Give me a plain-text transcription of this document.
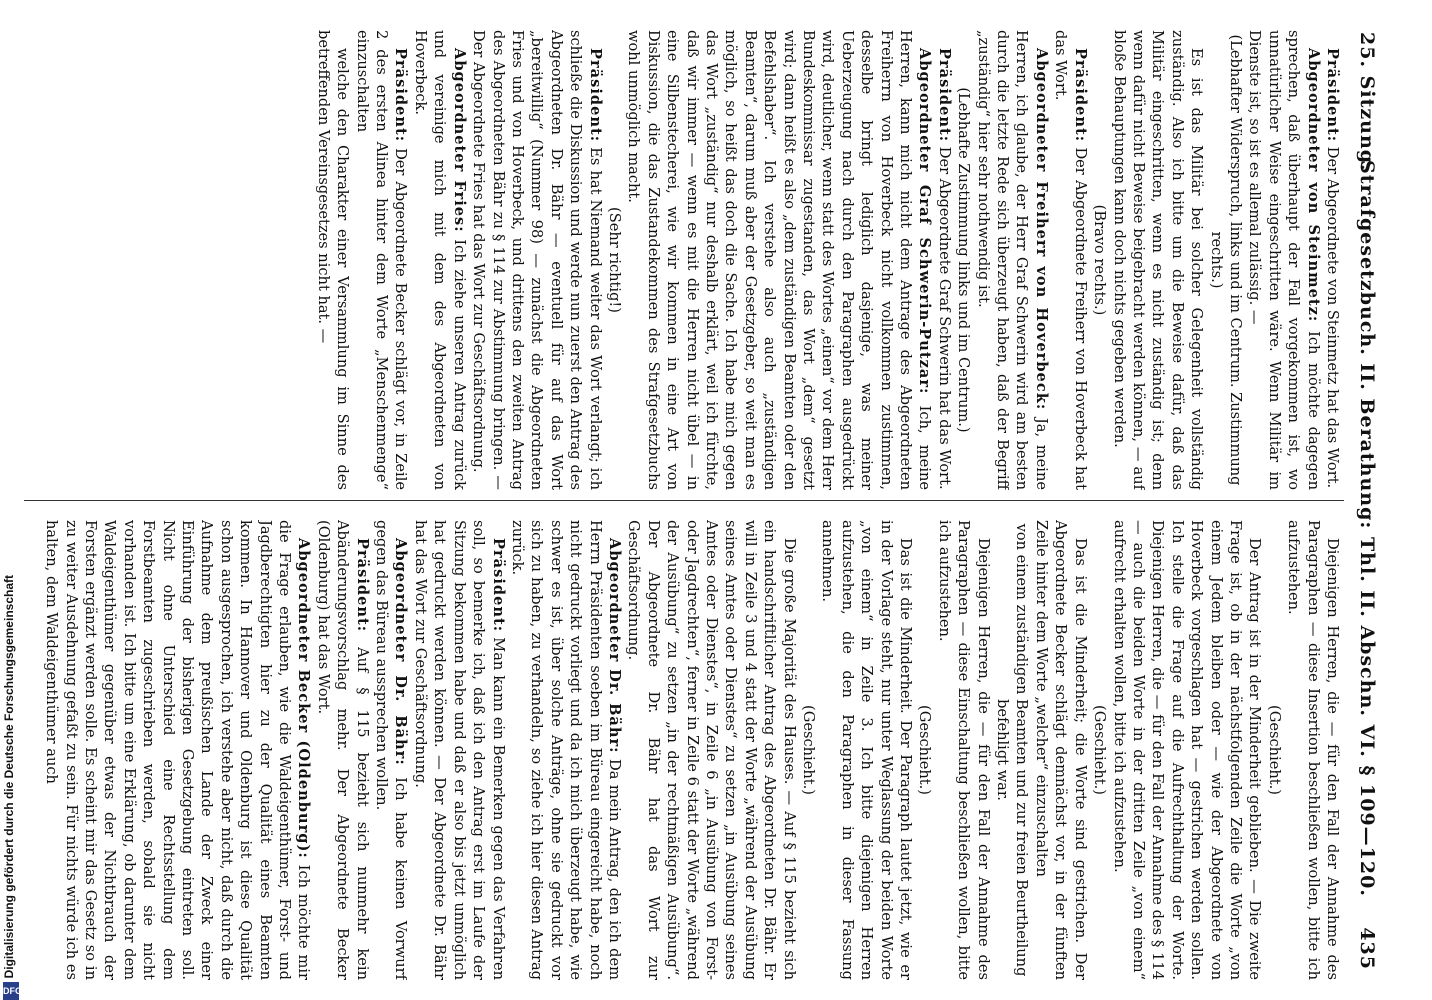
Digitalisierung gefördert durch die Deutsche Forschungsgemeinschaft
DFG
25. Sitzung.
Strafgesetzbuch. II. Berathung: Thl. II. Abschn. VI. § 109—120.
435

Präsident: Der Abgeordnete von Steinmetz hat das Wort.

Abgeordneter von Steinmetz: Ich möchte dagegen sprechen, daß überhaupt der Fall vorgekommen ist, wo unnatürlicher Weise eingeschritten wäre. Wenn Militär im Dienste ist, so ist es allemal zulässig. —

(Lebhafter Widerspruch, links und im Centrum. Zustimmung rechts.)

Es ist das Militär bei solcher Gelegenheit vollständig zuständig. Also ich bitte um die Beweise dafür, daß das Militär eingeschritten, wenn es nicht zuständig ist; denn wenn dafür nicht Beweise beigebracht werden können, — auf bloße Behauptungen kann doch nichts gegeben werden.

(Bravo rechts.)

Präsident: Der Abgeordnete Freiherr von Hoverbeck hat das Wort.

Abgeordneter Freiherr von Hoverbeck: Ja, meine Herren, ich glaube, der Herr Graf Schwerin wird am besten durch die letzte Rede sich überzeugt haben, daß der Begriff „zuständig“ hier sehr nothwendig ist.

(Lebhafte Zustimmung links und im Centrum.)

Präsident: Der Abgeordnete Graf Schwerin hat das Wort.

Abgeordneter Graf Schwerin-Putzar: Ich, meine Herren, kann mich nicht dem Antrage des Abgeordneten Freiherrn von Hoverbeck nicht vollkommen zustimmen, desselbe bringt lediglich dasjenige, was meiner Ueberzeugung nach durch den Paragraphen ausgedrückt wird, deutlicher, wenn statt des Wortes „einen“ vor dem Herr Bundeskommissar zugestanden, das Wort „dem“ gesetzt wird; dann heißt es also „dem zuständigen Beamten oder den Befehlshaber“. Ich verstehe also auch „zuständigen Beamten“, darum muß aber der Gesetzgeber, so weit man es möglich, so heißt das doch die Sache. Ich habe mich gegen das Wort „zuständig“ nur deshalb erklärt, weil ich fürchte, daß wir immer — wenn es mit die Herren nicht übel — in eine Silbenstecherei, wie wir kommen in eine Art von Diskussion, die das Zustandekommen des Strafgesetzbuchs wohl unmöglich macht.

(Sehr richtig!)

Präsident: Es hat Niemand weiter das Wort verlangt; ich schließe die Diskussion und werde nun zuerst den Antrag des Abgeordneten Dr. Bähr — eventuell für auf das Wort „bereitwillig“ (Nummer 98) — zunächst die Abgeordneten Fries und von Hoverbeck, und drittens den zweiten Antrag des Abgeordneten Bähr zu § 114 zur Abstimmung bringen. — Der Abgeordnete Fries hat das Wort zur Geschäftsordnung.

Abgeordneter Fries: Ich ziehe unseren Antrag zurück und vereinige mich mit dem des Abgeordneten von Hoverbeck.

Präsident: Der Abgeordnete Becker schlägt vor, in Zeile 2 des ersten Alinea hinter dem Worte „Menschenmenge“ einzuschalten

welche den Charakter einer Versammlung im Sinne des betreffenden Vereinsgesetzes nicht hat. —

Diejenigen Herren, die — für den Fall der Annahme des Paragraphen — diese Insertion beschließen wollen, bitte ich aufzustehen.

(Geschieht.)

Der Antrag ist in der Minderheit geblieben. — Die zweite Frage ist, ob in der nächstfolgenden Zeile die Worte „von einem Jedem bleiben oder — wie der Abgeordnete von Hoverbeck vorgeschlagen hat — gestrichen werden sollen. Ich stelle die Frage auf die Aufrechthaltung der Worte. Diejenigen Herren, die — für den Fall der Annahme des § 114 — auch die beiden Worte in der dritten Zeile „von einem“ aufrecht erhalten wollen, bitte ich aufzustehen.

(Geschieht.)

Das ist die Minderheit; die Worte sind gestrichen. Der Abgeordnete Becker schlägt demnächst vor, in der fünften Zeile hinter dem Worte „welcher“ einzuschalten

von einem zuständigen Beamten und zur freien Beurtheilung befehligt war.

Diejenigen Herren, die — für den Fall der Annahme des Paragraphen — diese Einschaltung beschließen wollen, bitte ich aufzustehen.

(Geschieht.)

Das ist die Minderheit. Der Paragraph lautet jetzt, wie er in der Vorlage steht, nur unter Weglassung der beiden Worte „von einem“ in Zeile 3. Ich bitte diejenigen Herren aufzustehen, die den Paragraphen in dieser Fassung annehmen.

(Geschieht.)

Die große Majorität des Hauses. — Auf § 115 bezieht sich ein handschriftlicher Antrag des Abgeordneten Dr. Bähr. Er will in Zeile 3 und 4 statt der Worte „während der Ausübung seines Amtes oder Dienstes“ zu setzen „in Ausübung seines Amtes oder Dienstes“, in Zeile 6 „in Ausübung von Forst- oder Jagdrechten“, ferner in Zeile 6 statt der Worte „während der Ausübung“ zu setzen „in der rechtmäßigen Ausübung“. Der Abgeordnete Dr. Bähr hat das Wort zur Geschäftsordnung.

Abgeordneter Dr. Bähr: Da mein Antrag, den ich dem Herrn Präsidenten soeben im Büreau eingereicht habe, noch nicht gedruckt vorliegt und da ich mich überzeugt habe, wie schwer es ist, über solche Anträge, ohne sie gedruckt vor sich zu haben, zu verhandeln, so ziehe ich hier diesen Antrag zurück.

Präsident: Man kann ein Bemerken gegen das Verfahren soll, so bemerke ich, daß ich den Antrag erst im Laufe der Sitzung bekommen habe und daß er also bis jetzt unmöglich hat gedruckt werden können. — Der Abgeordnete Dr. Bähr hat das Wort zur Geschäftsordnung.

Abgeordneter Dr. Bähr: Ich habe keinen Vorwurf gegen das Büreau aussprechen wollen.

Präsident: Auf § 115 bezieht sich nunmehr kein Abänderungsvorschlag mehr. Der Abgeordnete Becker (Oldenburg) hat das Wort.

Abgeordneter Becker (Oldenburg): Ich möchte mir die Frage erlauben, wie die Waldeigenthümer, Forst- und Jagdberechtigten hier zu der Qualität eines Beamten kommen. In Hannover und Oldenburg ist diese Qualität schon ausgesprochen, ich verstehe aber nicht, daß durch die Aufnahme dem preußischen Lande der Zweck einer Einführung der bisherigen Gesetzgebung eintreten soll. Nicht ohne Unterschied eine Rechtsstellung dem Forstbeamten zugeschrieben werden, sobald sie nicht vorhanden ist. Ich bitte um eine Erklärung, ob darunter dem Waldeigenthümer gegenüber etwas der Nichtbrauch der Forsten ergänzt werden solle. Es scheint mir das Gesetz so in zu weiter Ausdehnung gefaßt zu sein. Für nichts würde ich es halten, dem Waldeigenthümer auch
